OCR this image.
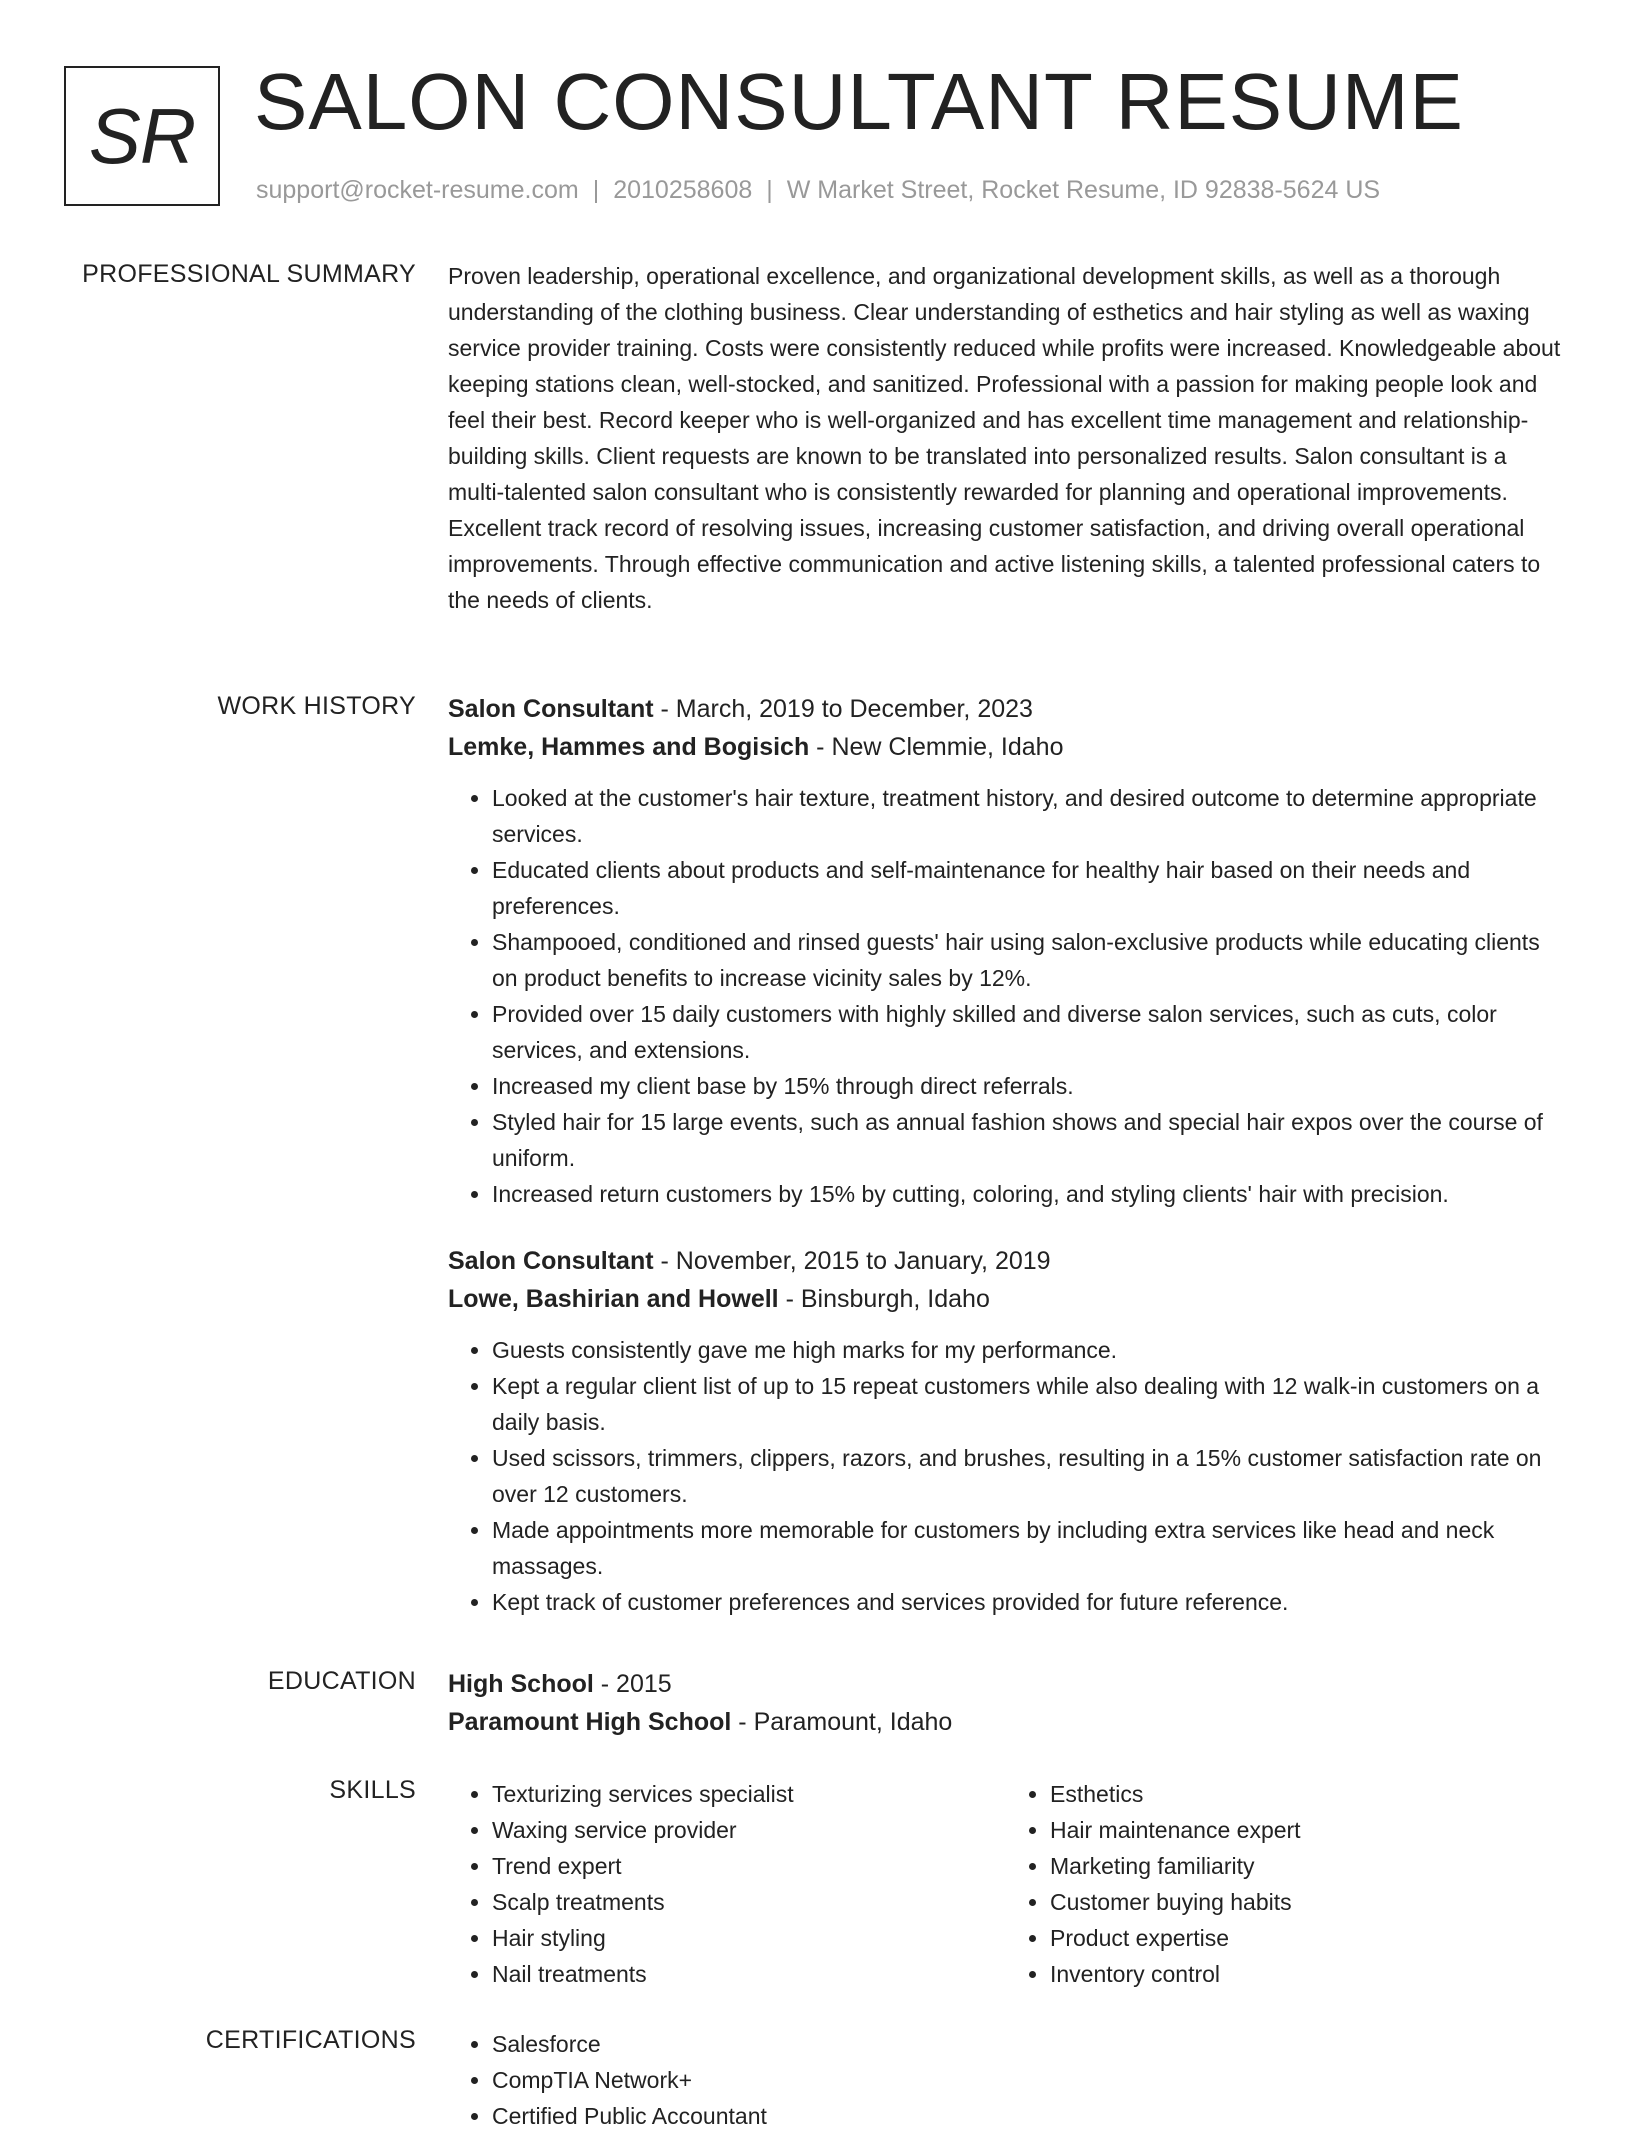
SR SALON CONSULTANT RESUME
support@rocket-resume.com | 2010258608 | W Market Street, Rocket Resume, ID 92838-5624 US
PROFESSIONAL SUMMARY Proven leadership, operational excellence, and organizational development skills, as well as a thorough understanding of the clothing business. Clear understanding of esthetics and hair styling as well as waxing service provider training. Costs were consistently reduced while profits were increased. Knowledgeable about keeping stations clean, well-stocked, and sanitized. Professional with a passion for making people look and feel their best. Record keeper who is well-organized and has excellent time management and relationship-building skills. Client requests are known to be translated into personalized results. Salon consultant is a multi-talented salon consultant who is consistently rewarded for planning and operational improvements. Excellent track record of resolving issues, increasing customer satisfaction, and driving overall operational improvements. Through effective communication and active listening skills, a talented professional caters to the needs of clients.

WORK HISTORY Salon Consultant - March, 2019 to December, 2023
Lemke, Hammes and Bogisich - New Clemmie, Idaho
• Looked at the customer's hair texture, treatment history, and desired outcome to determine appropriate services.
• Educated clients about products and self-maintenance for healthy hair based on their needs and preferences.
• Shampooed, conditioned and rinsed guests' hair using salon-exclusive products while educating clients on product benefits to increase vicinity sales by 12%.
• Provided over 15 daily customers with highly skilled and diverse salon services, such as cuts, color services, and extensions.
• Increased my client base by 15% through direct referrals.
• Styled hair for 15 large events, such as annual fashion shows and special hair expos over the course of uniform.
• Increased return customers by 15% by cutting, coloring, and styling clients' hair with precision.
Salon Consultant - November, 2015 to January, 2019
Lowe, Bashirian and Howell - Binsburgh, Idaho
• Guests consistently gave me high marks for my performance.
• Kept a regular client list of up to 15 repeat customers while also dealing with 12 walk-in customers on a daily basis.
• Used scissors, trimmers, clippers, razors, and brushes, resulting in a 15% customer satisfaction rate on over 12 customers.
• Made appointments more memorable for customers by including extra services like head and neck massages.
• Kept track of customer preferences and services provided for future reference.
EDUCATION High School - 2015
Paramount High School - Paramount, Idaho
SKILLS	• Texturizing services specialist
• Waxing service provider
• Trend expert
• Scalp treatments
• Hair styling
• Nail treatments
• Esthetics
• Hair maintenance expert
• Marketing familiarity
• Customer buying habits
• Product expertise
• Inventory control
CERTIFICATIONS	• Salesforce
• CompTIA Network+
• Certified Public Accountant
